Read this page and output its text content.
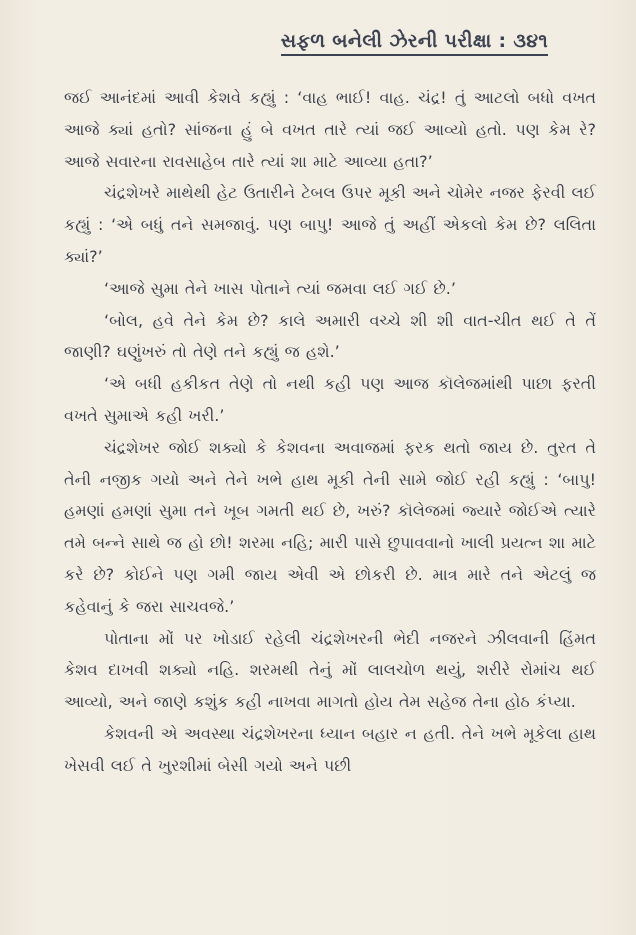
સફળ બનેલી ઝેરની પરીક્ષા : ૩૪૧

જઈ આનંદમાં આવી કેશવે કહ્યું : ‘વાહ ભાઈ! વાહ. ચંદ્ર! તું આટલો બધો વખત આજે ક્યાં હતો? સાંજના હું બે વખત તારે ત્યાં જઈ આવ્યો હતો. પણ કેમ રે? આજે સવારના રાવસાહેબ તારે ત્યાં શા માટે આવ્યા હતા?’

ચંદ્રશેખરે માથેથી હેટ ઉતારીને ટેબલ ઉપર મૂકી અને ચોમેર નજર ફેરવી લઈ કહ્યું : ‘એ બધું તને સમજાવું. પણ બાપુ! આજે તું અહીં એકલો કેમ છે? લલિતા ક્યાં?’

‘આજે સુમા તેને ખાસ પોતાને ત્યાં જમવા લઈ ગઈ છે.’

‘બોલ, હવે તેને કેમ છે? કાલે અમારી વચ્ચે શી શી વાત-ચીત થઈ તે તેં જાણી? ઘણુંખરું તો તેણે તને કહ્યું જ હશે.’

‘એ બધી હકીકત તેણે તો નથી કહી પણ આજ કૉલેજમાંથી પાછા ફરતી વખતે સુમાએ કહી ખરી.’

ચંદ્રશેખર જોઈ શક્યો કે કેશવના અવાજમાં ફરક થતો જાય છે. તુરત તે તેની નજીક ગયો અને તેને ખભે હાથ મૂકી તેની સામે જોઈ રહી કહ્યું : ‘બાપુ! હમણાં હમણાં સુમા તને ખૂબ ગમતી થઈ છે, ખરું? કૉલેજમાં જ્યારે જોઈએ ત્યારે તમે બન્ને સાથે જ હો છો! શરમા નહિ; મારી પાસે છુપાવવાનો ખાલી પ્રયત્ન શા માટે કરે છે? કોઈને પણ ગમી જાય એવી એ છોકરી છે. માત્ર મારે તને એટલું જ કહેવાનું કે જરા સાચવજે.’

પોતાના મોં પર ખોડાઈ રહેલી ચંદ્રશેખરની ભેદી નજરને ઝીલવાની હિંમત કેશવ દાખવી શક્યો નહિ. શરમથી તેનું મોં લાલચોળ થયું, શરીરે રોમાંચ થઈ આવ્યો, અને જાણે કશુંક કહી નાખવા માગતો હોય તેમ સહેજ તેના હોઠ કંપ્યા.

કેશવની એ અવસ્થા ચંદ્રશેખરના ધ્યાન બહાર ન હતી. તેને ખભે મૂકેલા હાથ ખેસવી લઈ તે ખુરશીમાં બેસી ગયો અને પછી
